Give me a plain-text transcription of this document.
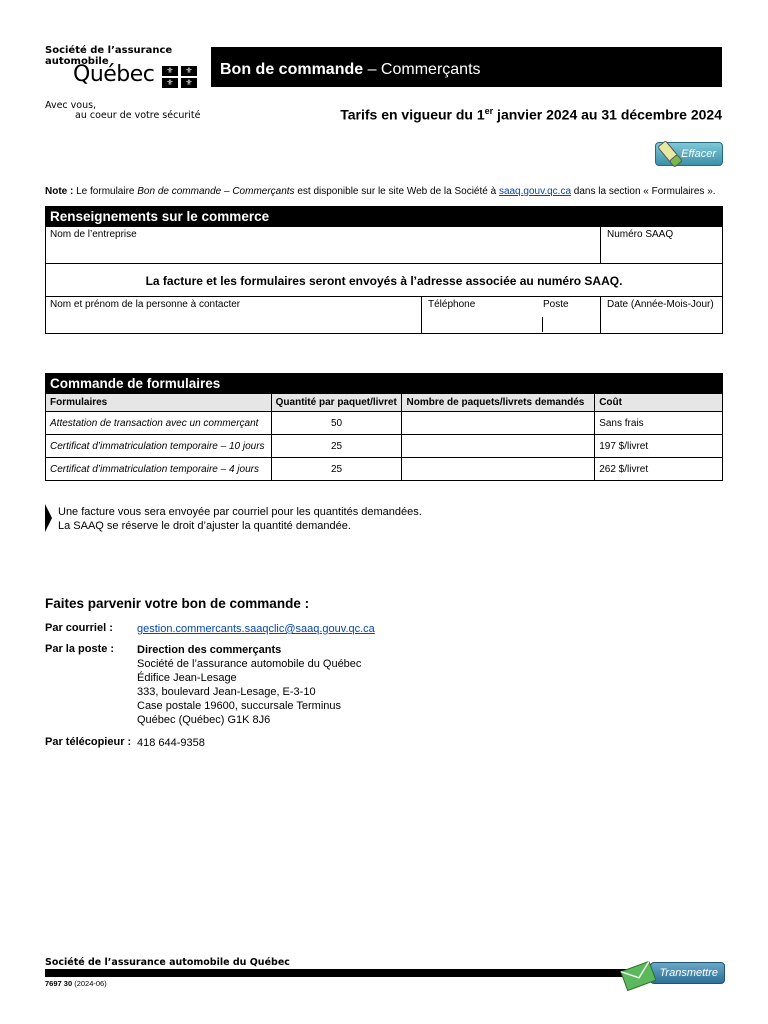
Société de l’assurance
automobile
Québec	⚜	⚜
⚜	⚜
Avec vous,
au coeur de votre sécurité
Bon de commande – Commerçants
Tarifs en vigueur du 1er janvier 2024 au 31 décembre 2024
Effacer
Note : Le formulaire Bon de commande – Commerçants est disponible sur le site Web de la Société à saaq.gouv.qc.ca dans la section « Formulaires ».
Renseignements sur le commerce
Nom de l’entreprise	Numéro SAAQ
La facture et les formulaires seront envoyés à l’adresse associée au numéro SAAQ.
Nom et prénom de la personne à contacter	Téléphone	Poste	Date (Année-Mois-Jour)
Commande de formulaires
Formulaires	Quantité par paquet/livret	Nombre de paquets/livrets demandés	Coût
Attestation de transaction avec un commerçant	50		Sans frais
Certificat d’immatriculation temporaire – 10 jours	25		197 $/livret
Certificat d’immatriculation temporaire – 4 jours	25		262 $/livret
Une facture vous sera envoyée par courriel pour les quantités demandées.
La SAAQ se réserve le droit d’ajuster la quantité demandée.
Faites parvenir votre bon de commande :
Par courriel : gestion.commercants.saaqclic@saaq.gouv.qc.ca
Par la poste : Direction des commerçants
Société de l’assurance automobile du Québec
Édifice Jean-Lesage
333, boulevard Jean-Lesage, E-3-10
Case postale 19600, succursale Terminus
Québec (Québec) G1K 8J6
Par télécopieur : 418 644-9358
Société de l’assurance automobile du Québec
7697 30 (2024-06)
Transmettre
